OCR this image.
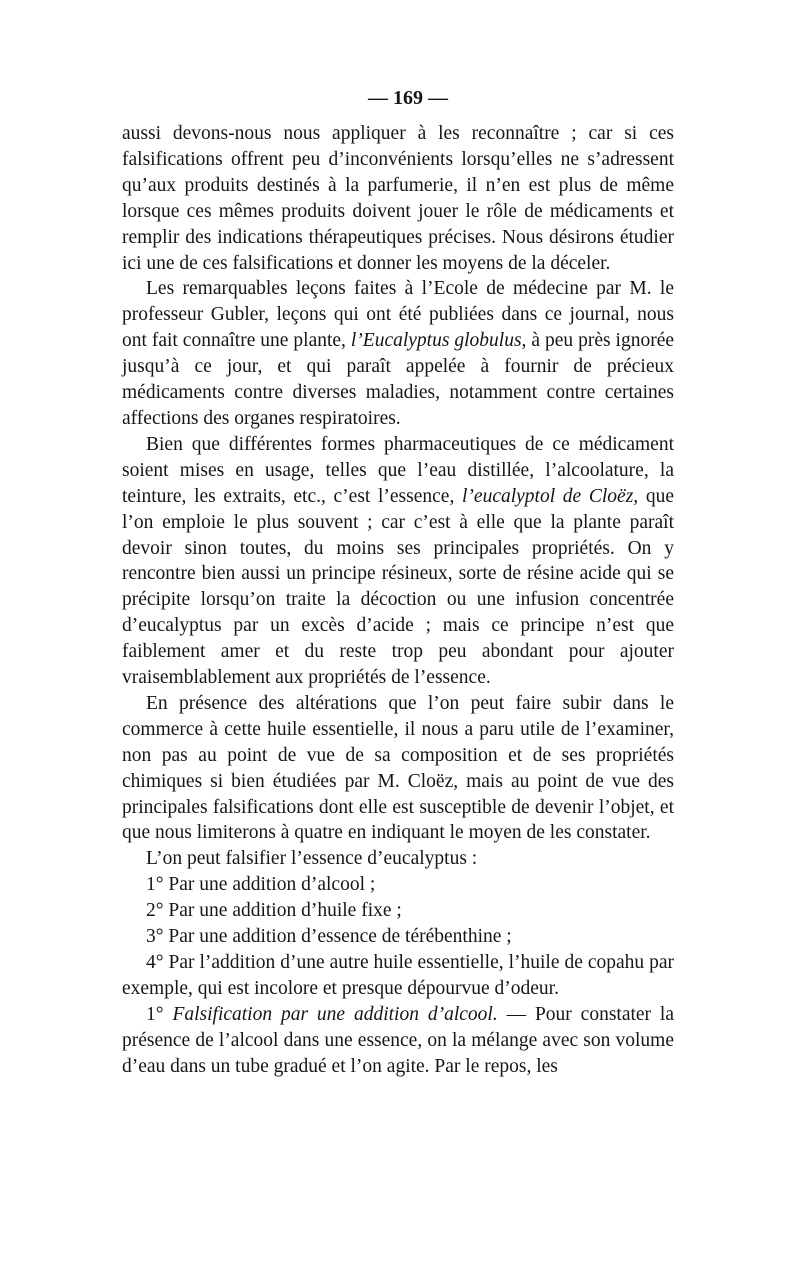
— 169 —

aussi devons-nous nous appliquer à les reconnaître ; car si ces falsifications offrent peu d’inconvénients lorsqu’elles ne s’adressent qu’aux produits destinés à la parfumerie, il n’en est plus de même lorsque ces mêmes produits doivent jouer le rôle de médicaments et remplir des indications thérapeutiques précises. Nous désirons étudier ici une de ces falsifications et donner les moyens de la déceler.

Les remarquables leçons faites à l’Ecole de médecine par M. le professeur Gubler, leçons qui ont été publiées dans ce journal, nous ont fait connaître une plante, l’Eucalyptus globulus, à peu près ignorée jusqu’à ce jour, et qui paraît appelée à fournir de précieux médicaments contre diverses maladies, notamment contre certaines affections des organes respiratoires.

Bien que différentes formes pharmaceutiques de ce médicament soient mises en usage, telles que l’eau distillée, l’alcoolature, la teinture, les extraits, etc., c’est l’essence, l’eucalyptol de Cloëz, que l’on emploie le plus souvent ; car c’est à elle que la plante paraît devoir sinon toutes, du moins ses principales propriétés. On y rencontre bien aussi un principe résineux, sorte de résine acide qui se précipite lorsqu’on traite la décoction ou une infusion concentrée d’eucalyptus par un excès d’acide ; mais ce principe n’est que faiblement amer et du reste trop peu abondant pour ajouter vraisemblablement aux propriétés de l’essence.

En présence des altérations que l’on peut faire subir dans le commerce à cette huile essentielle, il nous a paru utile de l’examiner, non pas au point de vue de sa composition et de ses propriétés chimiques si bien étudiées par M. Cloëz, mais au point de vue des principales falsifications dont elle est susceptible de devenir l’objet, et que nous limiterons à quatre en indiquant le moyen de les constater.

L’on peut falsifier l’essence d’eucalyptus :

1° Par une addition d’alcool ;

2° Par une addition d’huile fixe ;

3° Par une addition d’essence de térébenthine ;

4° Par l’addition d’une autre huile essentielle, l’huile de copahu par exemple, qui est incolore et presque dépourvue d’odeur.

1° Falsification par une addition d’alcool. — Pour constater la présence de l’alcool dans une essence, on la mélange avec son volume d’eau dans un tube gradué et l’on agite. Par le repos, les
